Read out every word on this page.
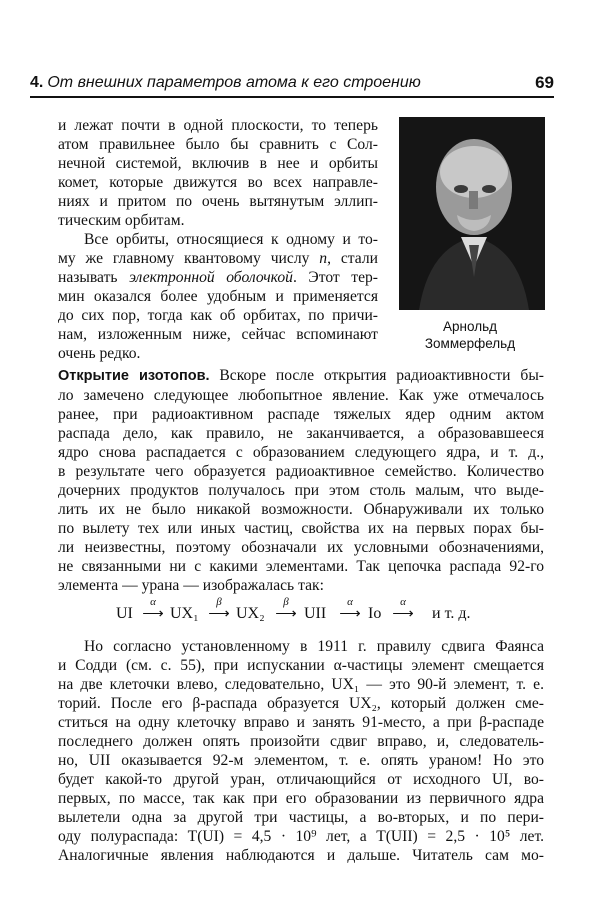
4. От внешних параметров атома к его строению	69
и лежат почти в одной плоскости, то теперь
атом правильнее было бы сравнить с Сол-
нечной системой, включив в нее и орбиты
комет, которые движутся во всех направле-
ниях и притом по очень вытянутым эллип-
тическим орбитам.
Все орбиты, относящиеся к одному и то-
му же главному квантовому числу n, стали
называть электронной оболочкой. Этот тер-
мин оказался более удобным и применяется
до сих пор, тогда как об орбитах, по причи-
нам, изложенным ниже, сейчас вспоминают
очень редко.
Арнольд
Зоммерфельд
Открытие изотопов. Вскоре после открытия радиоактивности бы-
ло замечено следующее любопытное явление. Как уже отмечалось
ранее, при радиоактивном распаде тяжелых ядер одним актом
распада дело, как правило, не заканчивается, а образовавшееся
ядро снова распадается с образованием следующего ядра, и т. д.,
в результате чего образуется радиоактивное семейство. Количество
дочерних продуктов получалось при этом столь малым, что выде-
лить их не было никакой возможности. Обнаруживали их только
по вылету тех или иных частиц, свойства их на первых порах бы-
ли неизвестны, поэтому обозначали их условными обозначениями,
не связанными ни с какими элементами. Так цепочка распада 92-го
элемента — урана — изображалась так:
UI
α
⟶ UX₁
β
⟶ UX₂
β
⟶ UII
α
⟶ Io
α
⟶ и т. д.
Но согласно установленному в 1911 г. правилу сдвига Фаянса
и Содди (см. с. 55), при испускании α-частицы элемент смещается
на две клеточки влево, следовательно, UX₁ — это 90-й элемент, т. е.
торий. После его β-распада образуется UX₂, который должен сме-
ститься на одну клеточку вправо и занять 91-место, а при β-распаде
последнего должен опять произойти сдвиг вправо, и, следователь-
но, UII оказывается 92-м элементом, т. е. опять ураном! Но это
будет какой-то другой уран, отличающийся от исходного UI, во-
первых, по массе, так как при его образовании из первичного ядра
вылетели одна за другой три частицы, а во-вторых, и по пери-
оду полураспада: T(UI) = 4,5 · 10⁹ лет, а T(UII) = 2,5 · 10⁵ лет.
Аналогичные явления наблюдаются и дальше. Читатель сам мо-
